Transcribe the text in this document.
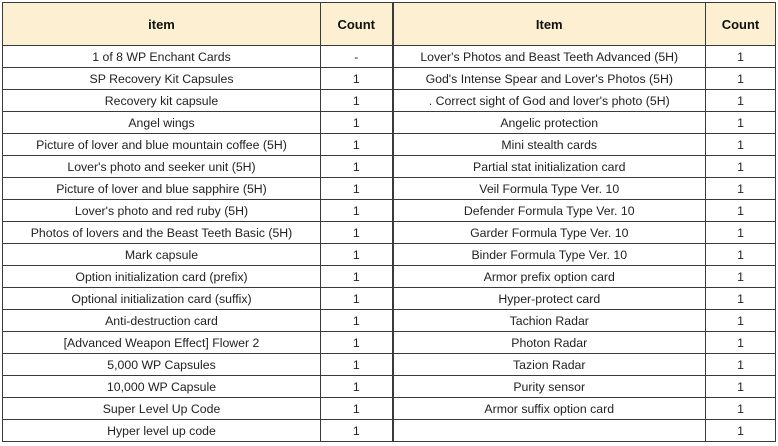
item	Count	Item	Count
1 of 8 WP Enchant Cards	-	Lover's Photos and Beast Teeth Advanced (5H)	1
SP Recovery Kit Capsules	1	God's Intense Spear and Lover's Photos (5H)	1
Recovery kit capsule	1	. Correct sight of God and lover's photo (5H)	1
Angel wings	1	Angelic protection	1
Picture of lover and blue mountain coffee (5H)	1	Mini stealth cards	1
Lover's photo and seeker unit (5H)	1	Partial stat initialization card	1
Picture of lover and blue sapphire (5H)	1	Veil Formula Type Ver. 10	1
Lover's photo and red ruby (5H)	1	Defender Formula Type Ver. 10	1
Photos of lovers and the Beast Teeth Basic (5H)	1	Garder Formula Type Ver. 10	1
Mark capsule	1	Binder Formula Type Ver. 10	1
Option initialization card (prefix)	1	Armor prefix option card	1
Optional initialization card (suffix)	1	Hyper-protect card	1
Anti-destruction card	1	Tachion Radar	1
[Advanced Weapon Effect] Flower 2	1	Photon Radar	1
5,000 WP Capsules	1	Tazion Radar	1
10,000 WP Capsule	1	Purity sensor	1
Super Level Up Code	1	Armor suffix option card	1
Hyper level up code	1		1
